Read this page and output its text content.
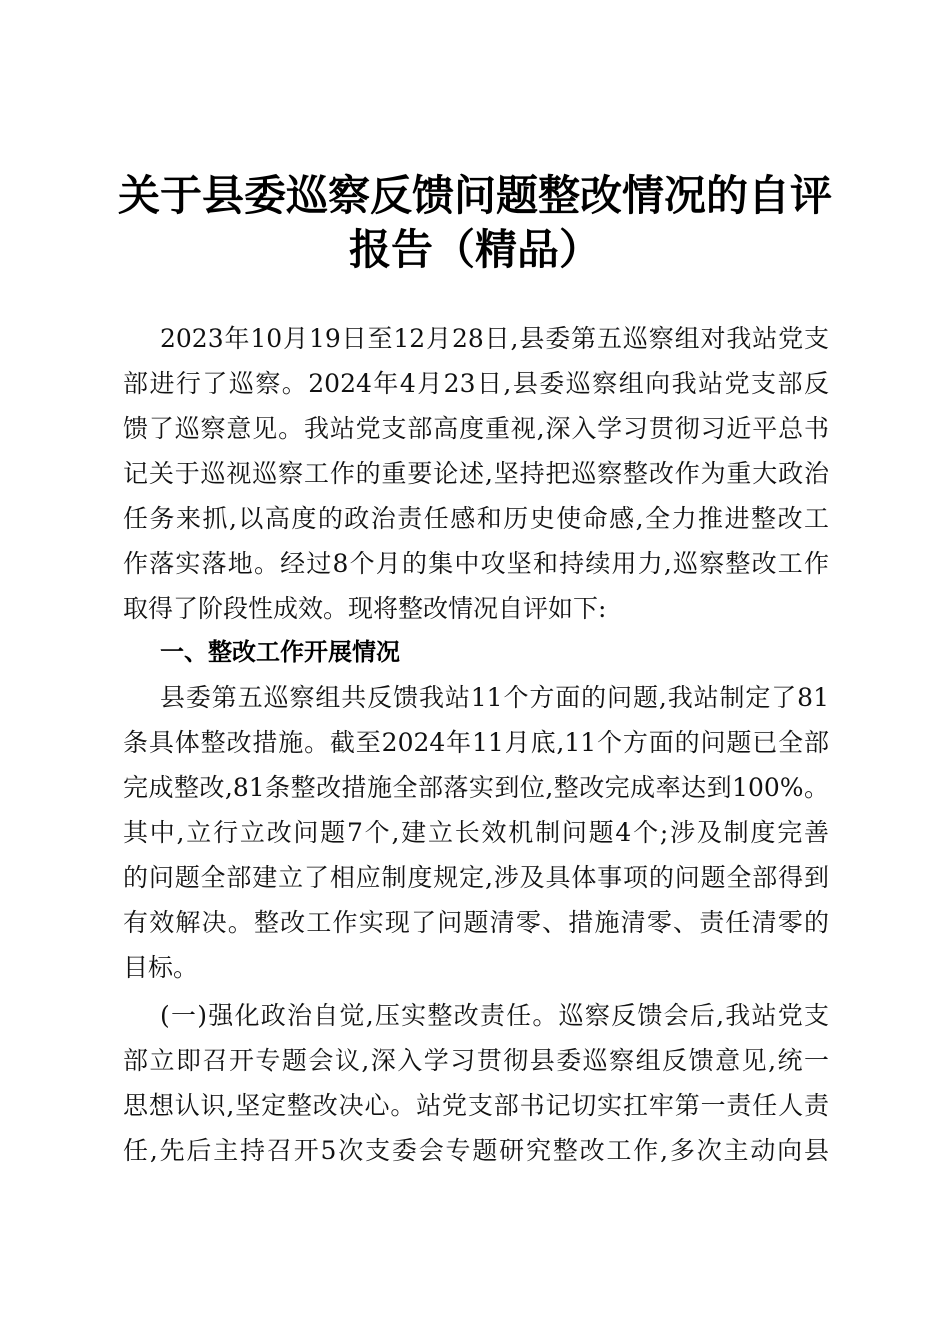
关于县委巡察反馈问题整改情况的自评
报告（精品）
2023年10月19日至12月28日,县委第五巡察组对我站党支
部进行了巡察。2024年4月23日,县委巡察组向我站党支部反
馈了巡察意见。我站党支部高度重视,深入学习贯彻习近平总书
记关于巡视巡察工作的重要论述,坚持把巡察整改作为重大政治
任务来抓,以高度的政治责任感和历史使命感,全力推进整改工
作落实落地。经过8个月的集中攻坚和持续用力,巡察整改工作
取得了阶段性成效。现将整改情况自评如下:
一、整改工作开展情况
县委第五巡察组共反馈我站11个方面的问题,我站制定了81
条具体整改措施。截至2024年11月底,11个方面的问题已全部
完成整改,81条整改措施全部落实到位,整改完成率达到100%。
其中,立行立改问题7个,建立长效机制问题4个;涉及制度完善
的问题全部建立了相应制度规定,涉及具体事项的问题全部得到
有效解决。整改工作实现了问题清零、措施清零、责任清零的
目标。
(一)强化政治自觉,压实整改责任。巡察反馈会后,我站党支
部立即召开专题会议,深入学习贯彻县委巡察组反馈意见,统一
思想认识,坚定整改决心。站党支部书记切实扛牢第一责任人责
任,先后主持召开5次支委会专题研究整改工作,多次主动向县
